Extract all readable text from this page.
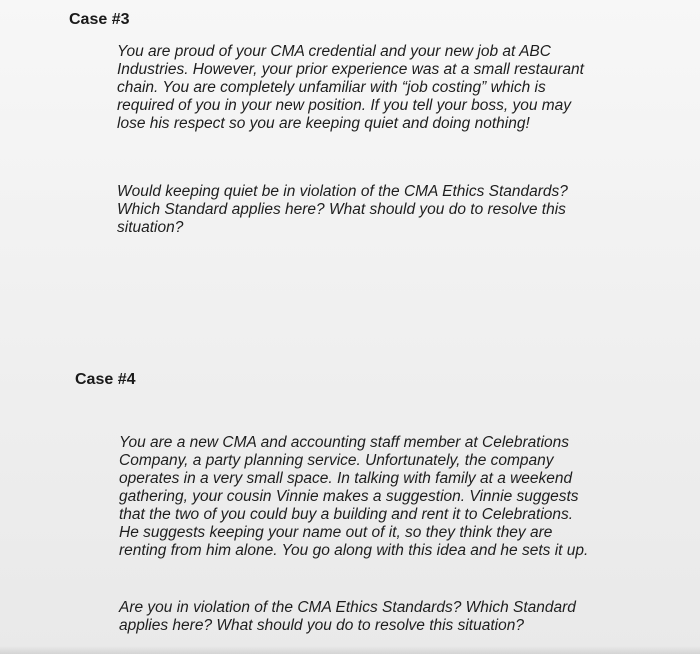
Case #3
You are proud of your CMA credential and your new job at ABC
Industries. However, your prior experience was at a small restaurant
chain. You are completely unfamiliar with “job costing” which is
required of you in your new position. If you tell your boss, you may
lose his respect so you are keeping quiet and doing nothing!
Would keeping quiet be in violation of the CMA Ethics Standards?
Which Standard applies here? What should you do to resolve this
situation?
Case #4
You are a new CMA and accounting staff member at Celebrations
Company, a party planning service. Unfortunately, the company
operates in a very small space. In talking with family at a weekend
gathering, your cousin Vinnie makes a suggestion. Vinnie suggests
that the two of you could buy a building and rent it to Celebrations.
He suggests keeping your name out of it, so they think they are
renting from him alone. You go along with this idea and he sets it up.
Are you in violation of the CMA Ethics Standards? Which Standard
applies here? What should you do to resolve this situation?
